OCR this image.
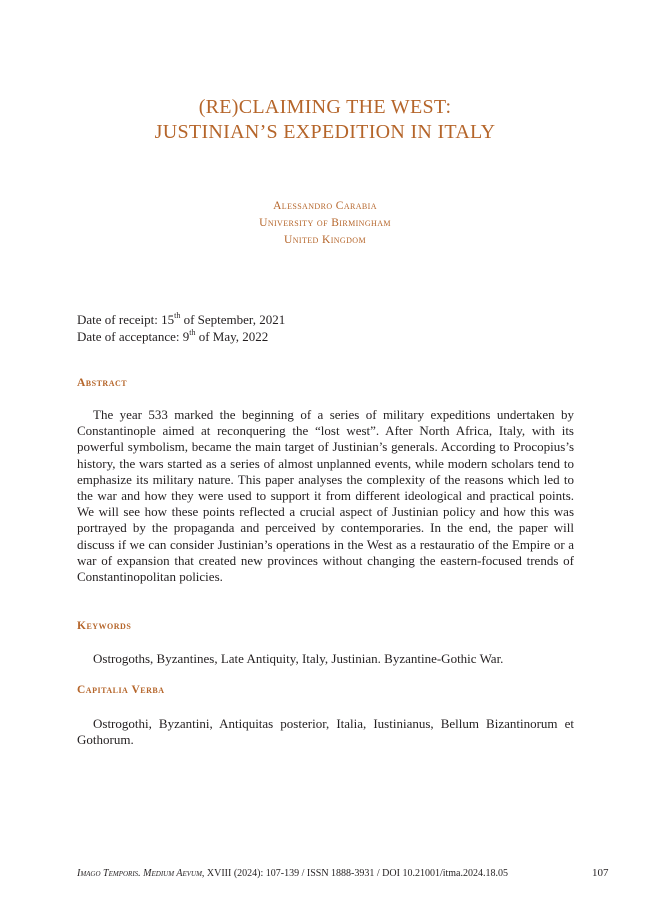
(RE)CLAIMING THE WEST:
JUSTINIAN’S EXPEDITION IN ITALY
Alessandro Carabia
University of Birmingham
United Kingdom
Date of receipt: 15th of September, 2021
Date of acceptance: 9th of May, 2022
Abstract
The year 533 marked the beginning of a series of military expeditions undertaken by Constantinople aimed at reconquering the “lost west”. After North Africa, Italy, with its powerful symbolism, became the main target of Justinian’s generals. According to Procopius’s history, the wars started as a series of almost unplanned events, while modern scholars tend to emphasize its military nature. This paper analyses the complexity of the reasons which led to the war and how they were used to support it from different ideological and practical points. We will see how these points reflected a crucial aspect of Justinian policy and how this was portrayed by the propaganda and perceived by contemporaries. In the end, the paper will discuss if we can consider Justinian’s operations in the West as a restauratio of the Empire or a war of expansion that created new provinces without changing the eastern-focused trends of Constantinopolitan policies.
Keywords
Ostrogoths, Byzantines, Late Antiquity, Italy, Justinian. Byzantine-Gothic War.
Capitalia Verba
Ostrogothi, Byzantini, Antiquitas posterior, Italia, Iustinianus, Bellum Bizantinorum et Gothorum.
Imago Temporis. Medium Aevum, XVIII (2024): 107-139 / ISSN 1888-3931 / DOI 10.21001/itma.2024.18.05	107
